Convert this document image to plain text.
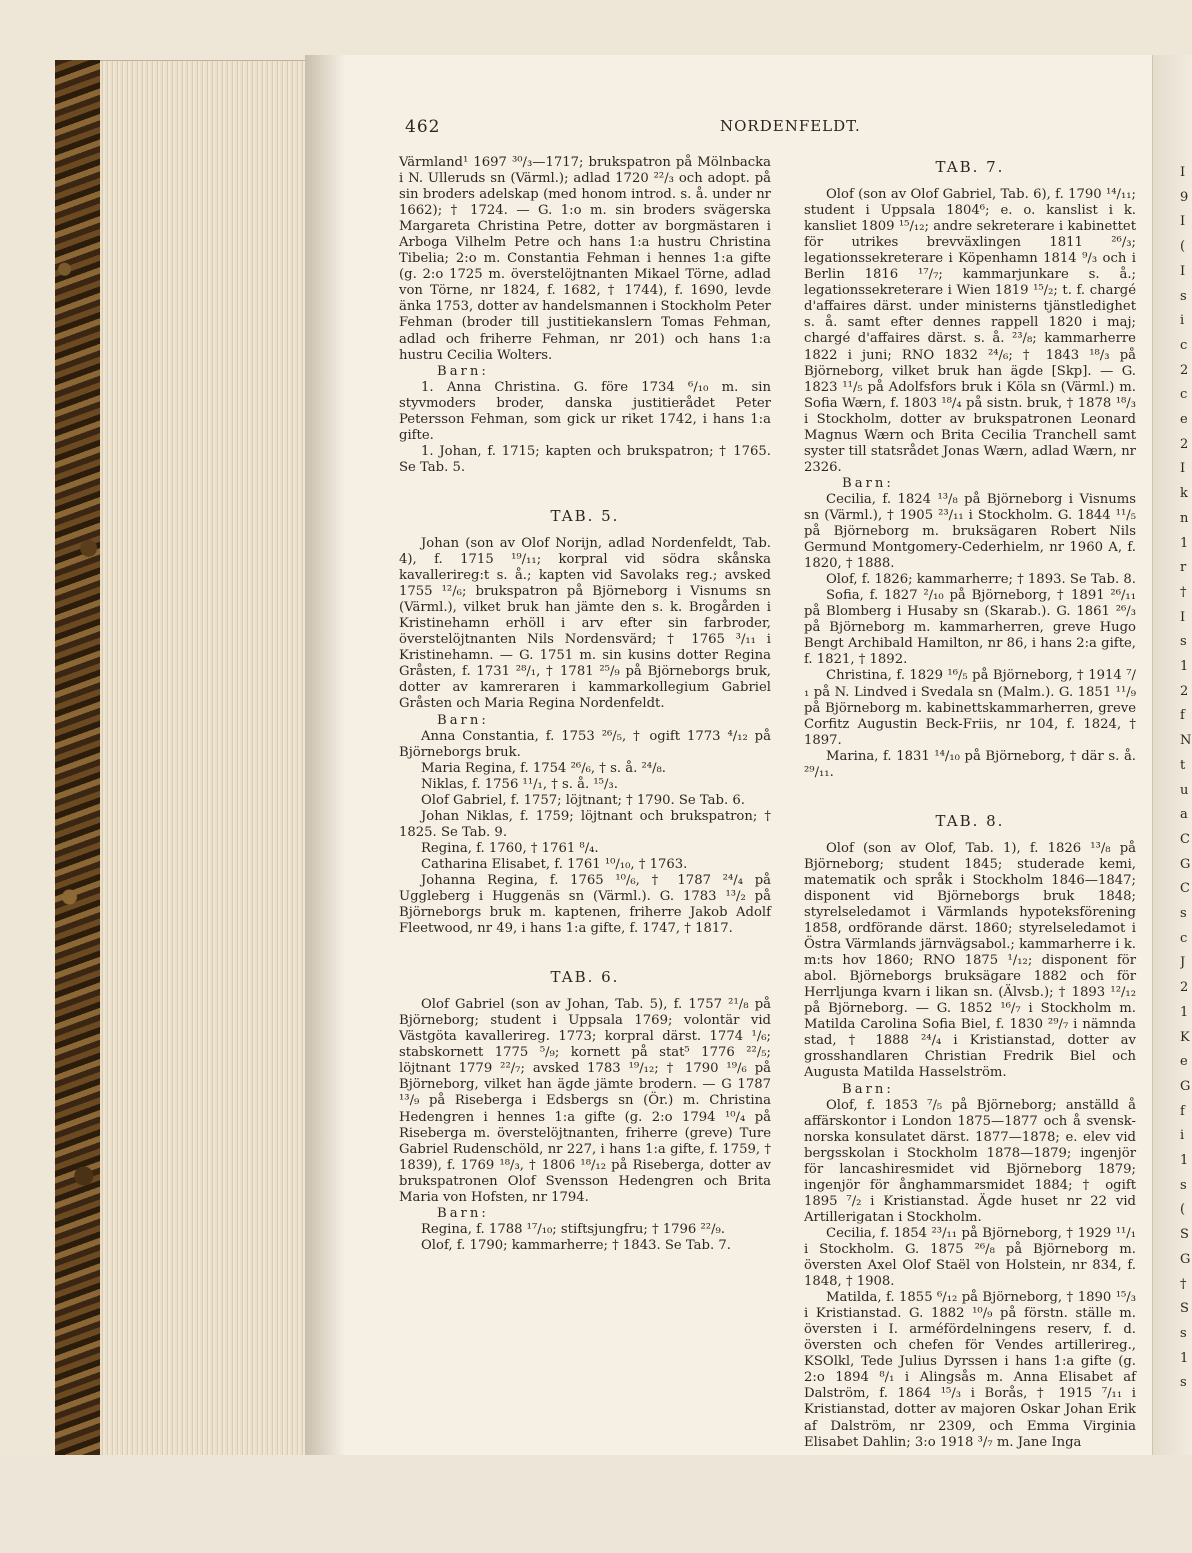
462	NORDENFELDT.

Värmland¹ 1697 ³⁰/₃—1717; brukspatron på Mölnbacka i N. Ulleruds sn (Värml.); adlad 1720 ²²/₃ och adopt. på sin broders adelskap (med honom introd. s. å. under nr 1662); † 1724. — G. 1:o m. sin broders svägerska Margareta Christina Petre, dotter av borgmästaren i Arboga Vilhelm Petre och hans 1:a hustru Christina Tibelia; 2:o m. Constantia Fehman i hennes 1:a gifte (g. 2:o 1725 m. överstelöjtnanten Mikael Törne, adlad von Törne, nr 1824, f. 1682, † 1744), f. 1690, levde änka 1753, dotter av handelsmannen i Stockholm Peter Fehman (broder till justitiekanslern Tomas Fehman, adlad och friherre Fehman, nr 201) och hans 1:a hustru Cecilia Wolters.

Barn:

1. Anna Christina. G. före 1734 ⁶/₁₀ m. sin styvmoders broder, danska justitierådet Peter Petersson Fehman, som gick ur riket 1742, i hans 1:a gifte.

1. Johan, f. 1715; kapten och brukspatron; † 1765. Se Tab. 5.

TAB. 5.

Johan (son av Olof Norijn, adlad Nordenfeldt, Tab. 4), f. 1715 ¹⁹/₁₁; korpral vid södra skånska kavallerireg:t s. å.; kapten vid Savolaks reg.; avsked 1755 ¹²/₆; brukspatron på Björneborg i Visnums sn (Värml.), vilket bruk han jämte den s. k. Brogården i Kristinehamn erhöll i arv efter sin farbroder, överstelöjtnanten Nils Nordensvärd; † 1765 ³/₁₁ i Kristinehamn. — G. 1751 m. sin kusins dotter Regina Gråsten, f. 1731 ²⁸/₁, † 1781 ²⁵/₉ på Björneborgs bruk, dotter av kamreraren i kammarkollegium Gabriel Gråsten och Maria Regina Nordenfeldt.

Barn:

Anna Constantia, f. 1753 ²⁶/₅, † ogift 1773 ⁴/₁₂ på Björneborgs bruk.

Maria Regina, f. 1754 ²⁶/₆, † s. å. ²⁴/₈.

Niklas, f. 1756 ¹¹/₁, † s. å. ¹⁵/₃.

Olof Gabriel, f. 1757; löjtnant; † 1790. Se Tab. 6.

Johan Niklas, f. 1759; löjtnant och brukspatron; † 1825. Se Tab. 9.

Regina, f. 1760, † 1761 ⁸/₄.

Catharina Elisabet, f. 1761 ¹⁰/₁₀, † 1763.

Johanna Regina, f. 1765 ¹⁰/₆, † 1787 ²⁴/₄ på Uggleberg i Huggenäs sn (Värml.). G. 1783 ¹³/₂ på Björneborgs bruk m. kaptenen, friherre Jakob Adolf Fleetwood, nr 49, i hans 1:a gifte, f. 1747, † 1817.

TAB. 6.

Olof Gabriel (son av Johan, Tab. 5), f. 1757 ²¹/₈ på Björneborg; student i Uppsala 1769; volontär vid Västgöta kavallerireg. 1773; korpral därst. 1774 ¹/₆; stabskornett 1775 ⁵/₉; kornett på stat⁵ 1776 ²²/₅; löjtnant 1779 ²²/₇; avsked 1783 ¹⁹/₁₂; † 1790 ¹⁹/₆ på Björneborg, vilket han ägde jämte brodern. — G 1787 ¹³/₉ på Riseberga i Edsbergs sn (Ör.) m. Christina Hedengren i hennes 1:a gifte (g. 2:o 1794 ¹⁰/₄ på Riseberga m. överstelöjtnanten, friherre (greve) Ture Gabriel Rudenschöld, nr 227, i hans 1:a gifte, f. 1759, † 1839), f. 1769 ¹⁸/₃, † 1806 ¹⁸/₁₂ på Riseberga, dotter av brukspatronen Olof Svensson Hedengren och Brita Maria von Hofsten, nr 1794.

Barn:

Regina, f. 1788 ¹⁷/₁₀; stiftsjungfru; † 1796 ²²/₉.

Olof, f. 1790; kammarherre; † 1843. Se Tab. 7.

TAB. 7.

Olof (son av Olof Gabriel, Tab. 6), f. 1790 ¹⁴/₁₁; student i Uppsala 1804⁶; e. o. kanslist i k. kansliet 1809 ¹⁵/₁₂; andre sekreterare i kabinettet för utrikes brevväxlingen 1811 ²⁶/₃; legationssekreterare i Köpenhamn 1814 ⁹/₃ och i Berlin 1816 ¹⁷/₇; kammarjunkare s. å.; legationssekreterare i Wien 1819 ¹⁵/₂; t. f. chargé d'affaires därst. under ministerns tjänstledighet s. å. samt efter dennes rappell 1820 i maj; chargé d'affaires därst. s. å. ²³/₈; kammarherre 1822 i juni; RNO 1832 ²⁴/₆; † 1843 ¹⁸/₃ på Björneborg, vilket bruk han ägde [Skp]. — G. 1823 ¹¹/₅ på Adolfsfors bruk i Köla sn (Värml.) m. Sofia Wærn, f. 1803 ¹⁸/₄ på sistn. bruk, † 1878 ¹⁸/₃ i Stockholm, dotter av brukspatronen Leonard Magnus Wærn och Brita Cecilia Tranchell samt syster till statsrådet Jonas Wærn, adlad Wærn, nr 2326.

Barn:

Cecilia, f. 1824 ¹³/₈ på Björneborg i Visnums sn (Värml.), † 1905 ²³/₁₁ i Stockholm. G. 1844 ¹¹/₅ på Björneborg m. bruksägaren Robert Nils Germund Montgomery-Cederhielm, nr 1960 A, f. 1820, † 1888.

Olof, f. 1826; kammarherre; † 1893. Se Tab. 8.

Sofia, f. 1827 ²/₁₀ på Björneborg, † 1891 ²⁶/₁₁ på Blomberg i Husaby sn (Skarab.). G. 1861 ²⁶/₃ på Björneborg m. kammarherren, greve Hugo Bengt Archibald Hamilton, nr 86, i hans 2:a gifte, f. 1821, † 1892.

Christina, f. 1829 ¹⁶/₅ på Björneborg, † 1914 ⁷/₁ på N. Lindved i Svedala sn (Malm.). G. 1851 ¹¹/₉ på Björneborg m. kabinettskammarherren, greve Corfitz Augustin Beck-Friis, nr 104, f. 1824, † 1897.

Marina, f. 1831 ¹⁴/₁₀ på Björneborg, † där s. å. ²⁹/₁₁.

TAB. 8.

Olof (son av Olof, Tab. 1), f. 1826 ¹³/₈ på Björneborg; student 1845; studerade kemi, matematik och språk i Stockholm 1846—1847; disponent vid Björneborgs bruk 1848; styrelseledamot i Värmlands hypoteksförening 1858, ordförande därst. 1860; styrelseledamot i Östra Värmlands järnvägsabol.; kammarherre i k. m:ts hov 1860; RNO 1875 ¹/₁₂; disponent för abol. Björneborgs bruksägare 1882 och för Herrljunga kvarn i likan sn. (Älvsb.); † 1893 ¹²/₁₂ på Björneborg. — G. 1852 ¹⁶/₇ i Stockholm m. Matilda Carolina Sofia Biel, f. 1830 ²⁹/₇ i nämnda stad, † 1888 ²⁴/₄ i Kristianstad, dotter av grosshandlaren Christian Fredrik Biel och Augusta Matilda Hasselström.

Barn:

Olof, f. 1853 ⁷/₅ på Björneborg; anställd å affärskontor i London 1875—1877 och å svensk-norska konsulatet därst. 1877—1878; e. elev vid bergsskolan i Stockholm 1878—1879; ingenjör för lancashiresmidet vid Björneborg 1879; ingenjör för ånghammarsmidet 1884; † ogift 1895 ⁷/₂ i Kristianstad. Ägde huset nr 22 vid Artillerigatan i Stockholm.

Cecilia, f. 1854 ²³/₁₁ på Björneborg, † 1929 ¹¹/₁ i Stockholm. G. 1875 ²⁶/₈ på Björneborg m. översten Axel Olof Staël von Holstein, nr 834, f. 1848, † 1908.

Matilda, f. 1855 ⁶/₁₂ på Björneborg, † 1890 ¹⁵/₃ i Kristianstad. G. 1882 ¹⁰/₉ på förstn. ställe m. översten i I. arméfördelningens reserv, f. d. översten och chefen för Vendes artillerireg., KSOlkl, Tede Julius Dyrssen i hans 1:a gifte (g. 2:o 1894 ⁸/₁ i Alingsås m. Anna Elisabet af Dalström, f. 1864 ¹⁵/₃ i Borås, † 1915 ⁷/₁₁ i Kristianstad, dotter av majoren Oskar Johan Erik af Dalström, nr 2309, och Emma Virginia Elisabet Dahlin; 3:o 1918 ³/₇ m. Jane Inga

I
9
I
(
I
s
i
c
2
c
e
2
I
k
n
1
r
†
I
s
1
2
f
N
t
u
a
C
G
C
s
c
J
2
1
K
e
G
f
i
1
s
(
S
G
†
S
s
1
s
